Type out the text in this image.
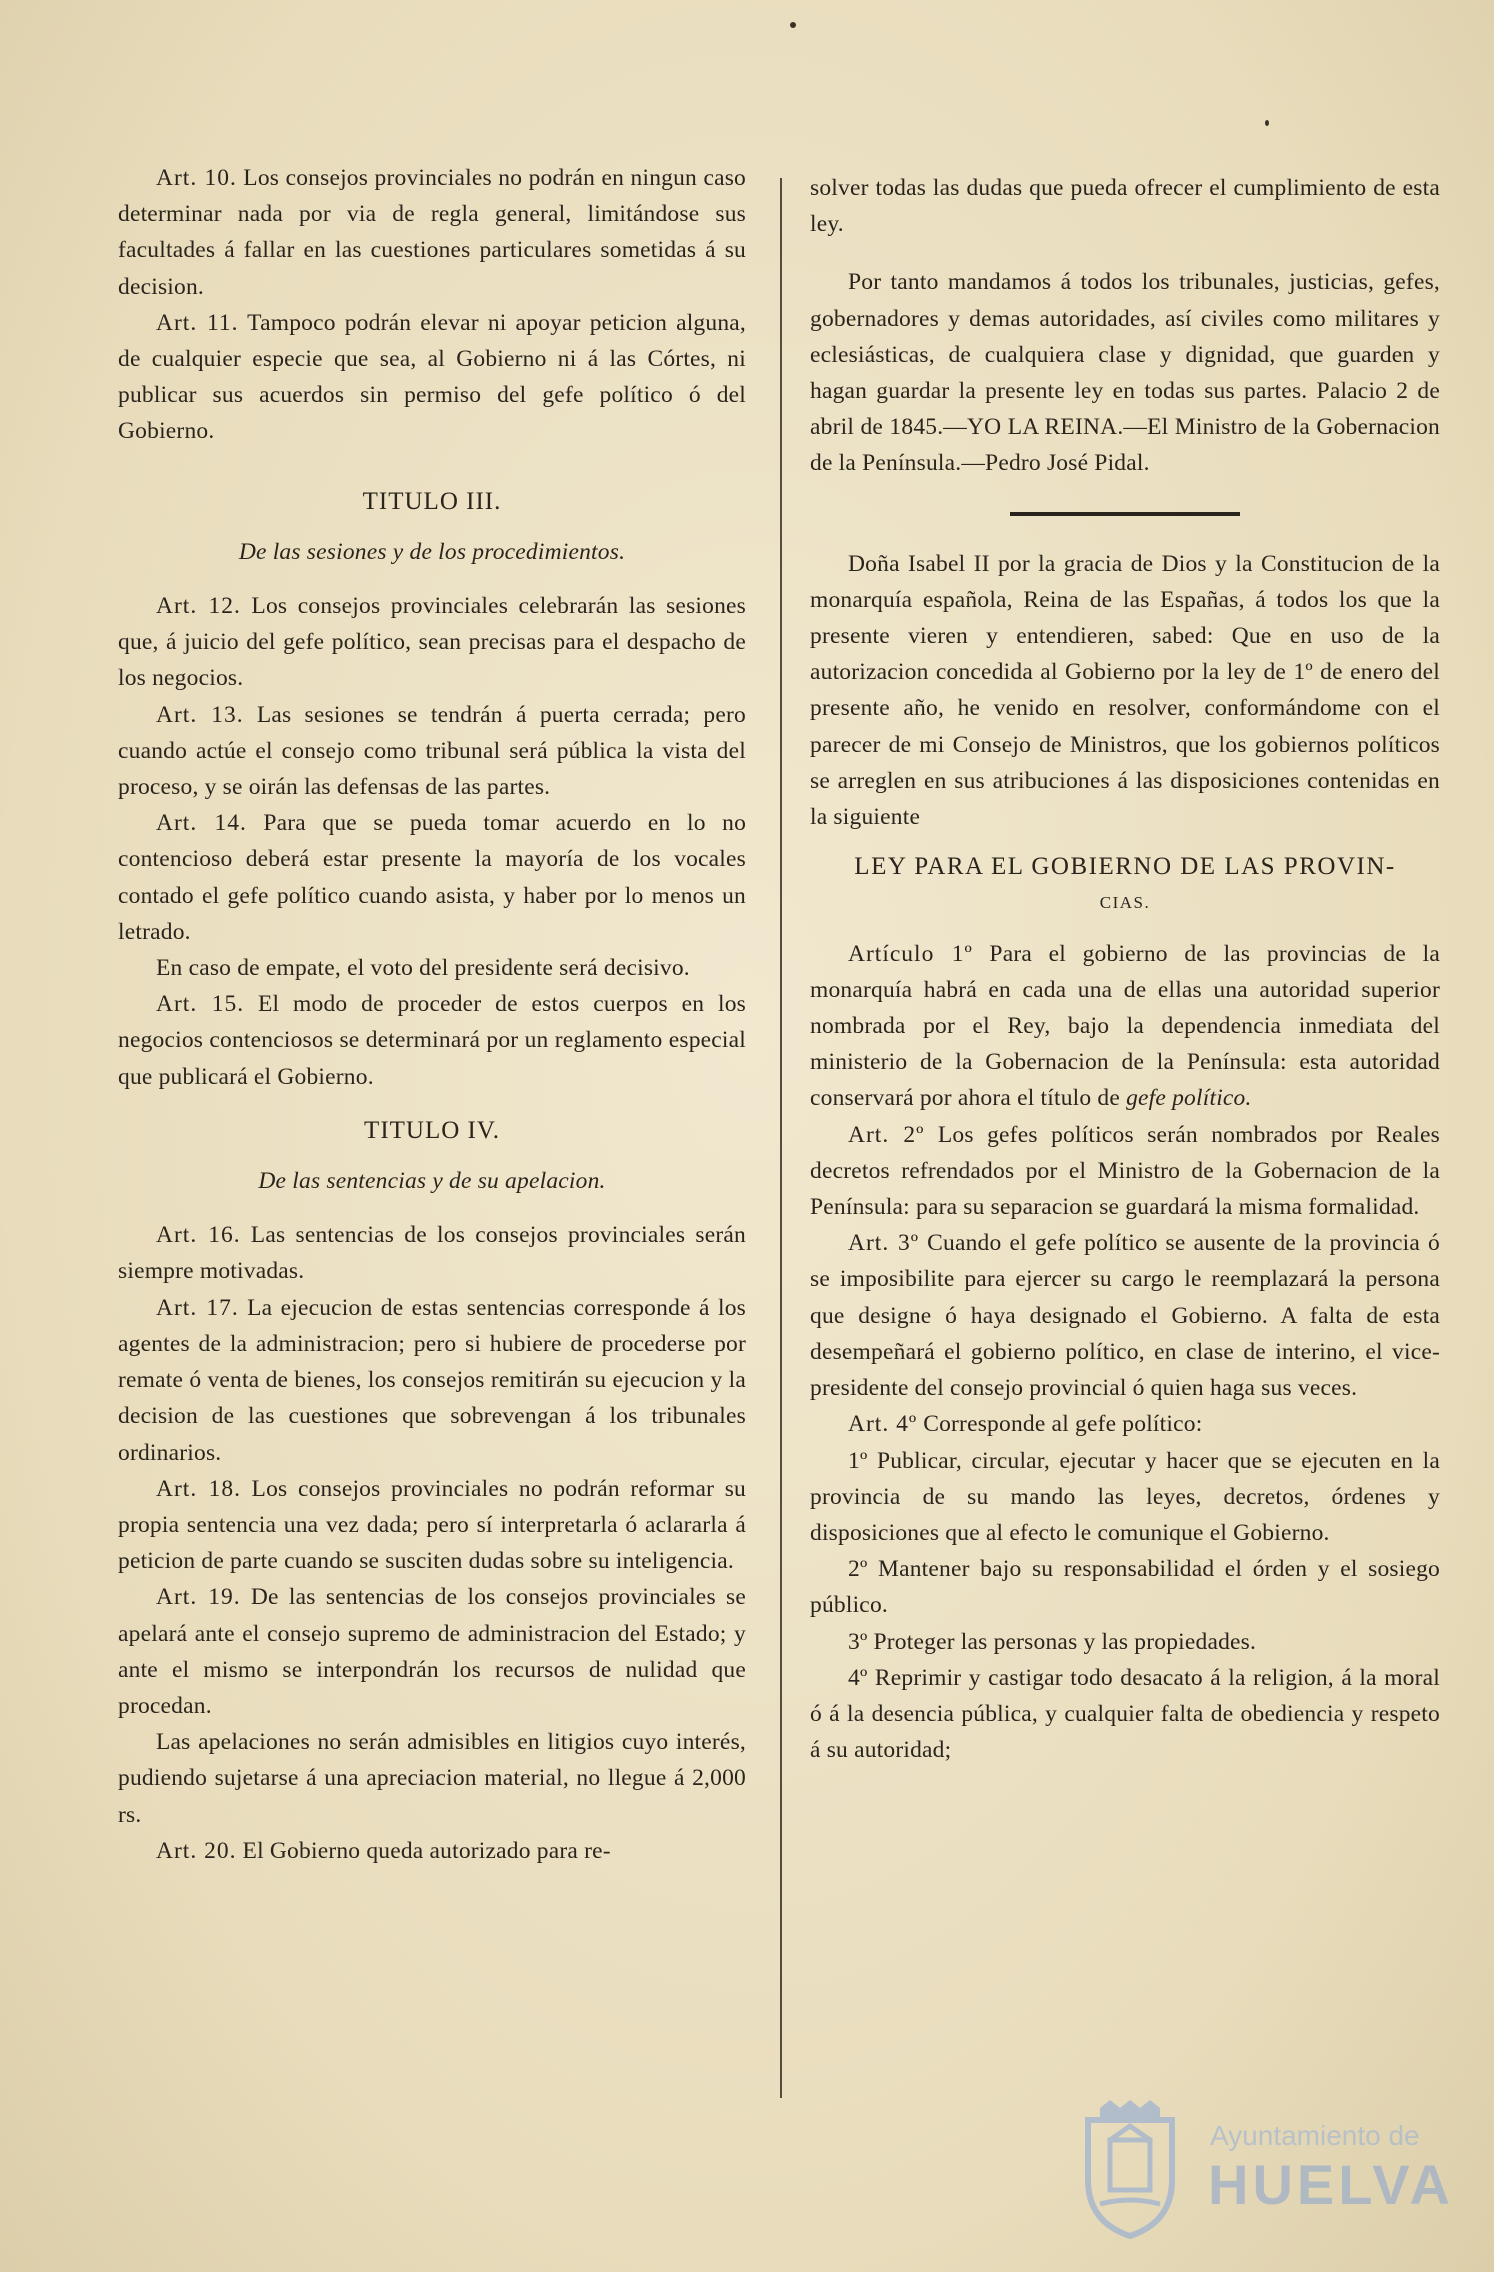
Art. 10. Los consejos provinciales no podrán en ningun caso determinar nada por via de regla general, limitándose sus facultades á fallar en las cuestiones particulares sometidas á su decision.

Art. 11. Tampoco podrán elevar ni apoyar peticion alguna, de cualquier especie que sea, al Gobierno ni á las Córtes, ni publicar sus acuerdos sin permiso del gefe político ó del Gobierno.

TITULO III.

De las sesiones y de los procedimientos.

Art. 12. Los consejos provinciales celebrarán las sesiones que, á juicio del gefe político, sean precisas para el despacho de los negocios.

Art. 13. Las sesiones se tendrán á puerta cerrada; pero cuando actúe el consejo como tribunal será pública la vista del proceso, y se oirán las defensas de las partes.

Art. 14. Para que se pueda tomar acuerdo en lo no contencioso deberá estar presente la mayoría de los vocales contado el gefe político cuando asista, y haber por lo menos un letrado.

En caso de empate, el voto del presidente será decisivo.

Art. 15. El modo de proceder de estos cuerpos en los negocios contenciosos se determinará por un reglamento especial que publicará el Gobierno.

TITULO IV.

De las sentencias y de su apelacion.

Art. 16. Las sentencias de los consejos provinciales serán siempre motivadas.

Art. 17. La ejecucion de estas sentencias corresponde á los agentes de la administracion; pero si hubiere de procederse por remate ó venta de bienes, los consejos remitirán su ejecucion y la decision de las cuestiones que sobrevengan á los tribunales ordinarios.

Art. 18. Los consejos provinciales no podrán reformar su propia sentencia una vez dada; pero sí interpretarla ó aclararla á peticion de parte cuando se susciten dudas sobre su inteligencia.

Art. 19. De las sentencias de los consejos provinciales se apelará ante el consejo supremo de administracion del Estado; y ante el mismo se interpondrán los recursos de nulidad que procedan.

Las apelaciones no serán admisibles en litigios cuyo interés, pudiendo sujetarse á una apreciacion material, no llegue á 2,000 rs.

Art. 20. El Gobierno queda autorizado para re-

solver todas las dudas que pueda ofrecer el cumplimiento de esta ley.

Por tanto mandamos á todos los tribunales, justicias, gefes, gobernadores y demas autoridades, así civiles como militares y eclesiásticas, de cualquiera clase y dignidad, que guarden y hagan guardar la presente ley en todas sus partes. Palacio 2 de abril de 1845.—YO LA REINA.—El Ministro de la Gobernacion de la Península.—Pedro José Pidal.

Doña Isabel II por la gracia de Dios y la Constitucion de la monarquía española, Reina de las Españas, á todos los que la presente vieren y entendieren, sabed: Que en uso de la autorizacion concedida al Gobierno por la ley de 1º de enero del presente año, he venido en resolver, conformándome con el parecer de mi Consejo de Ministros, que los gobiernos políticos se arreglen en sus atribuciones á las disposiciones contenidas en la siguiente

LEY PARA EL GOBIERNO DE LAS PROVIN-

CIAS.

Artículo 1º Para el gobierno de las provincias de la monarquía habrá en cada una de ellas una autoridad superior nombrada por el Rey, bajo la dependencia inmediata del ministerio de la Gobernacion de la Península: esta autoridad conservará por ahora el título de gefe político.

Art. 2º Los gefes políticos serán nombrados por Reales decretos refrendados por el Ministro de la Gobernacion de la Península: para su separacion se guardará la misma formalidad.

Art. 3º Cuando el gefe político se ausente de la provincia ó se imposibilite para ejercer su cargo le reemplazará la persona que designe ó haya designado el Gobierno. A falta de esta desempeñará el gobierno político, en clase de interino, el vice-presidente del consejo provincial ó quien haga sus veces.

Art. 4º Corresponde al gefe político:

1º Publicar, circular, ejecutar y hacer que se ejecuten en la provincia de su mando las leyes, decretos, órdenes y disposiciones que al efecto le comunique el Gobierno.

2º Mantener bajo su responsabilidad el órden y el sosiego público.

3º Proteger las personas y las propiedades.

4º Reprimir y castigar todo desacato á la religion, á la moral ó á la desencia pública, y cualquier falta de obediencia y respeto á su autoridad;

Ayuntamiento de
HUELVA
